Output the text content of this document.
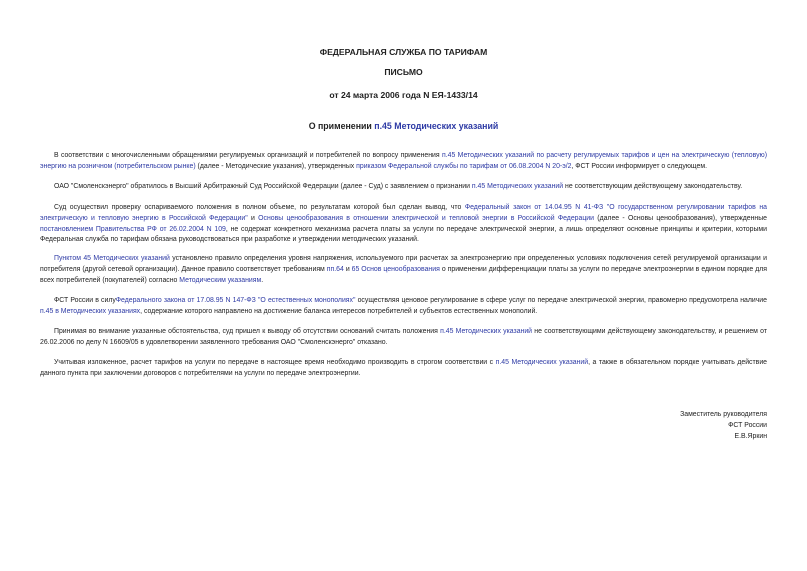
ФЕДЕРАЛЬНАЯ СЛУЖБА ПО ТАРИФАМ
ПИСЬМО
от 24 марта 2006 года N ЕЯ-1433/14
О применении п.45 Методических указаний

В соответствии с многочисленными обращениями регулируемых организаций и потребителей по вопросу применения п.45 Методических указаний по расчету регулируемых тарифов и цен на электрическую (тепловую) энергию на розничном (потребительском рынке) (далее - Методические указания), утвержденных приказом Федеральной службы по тарифам от 06.08.2004 N 20-э/2, ФСТ России информирует о следующем.

ОАО "Смоленскэнерго" обратилось в Высший Арбитражный Суд Российской Федерации (далее - Суд) с заявлением о признании п.45 Методических указаний не соответствующим действующему законодательству.

Суд осуществил проверку оспариваемого положения в полном объеме, по результатам которой был сделан вывод, что Федеральный закон от 14.04.95 N 41-ФЗ "О государственном регулировании тарифов на электрическую и тепловую энергию в Российской Федерации" и Основы ценообразования в отношении электрической и тепловой энергии в Российской Федерации (далее - Основы ценообразования), утвержденные постановлением Правительства РФ от 26.02.2004 N 109, не содержат конкретного механизма расчета платы за услуги по передаче электрической энергии, а лишь определяют основные принципы и критерии, которыми Федеральная служба по тарифам обязана руководствоваться при разработке и утверждении методических указаний.

Пунктом 45 Методических указаний установлено правило определения уровня напряжения, используемого при расчетах за электроэнергию при определенных условиях подключения сетей регулируемой организации и потребителя (другой сетевой организации). Данное правило соответствует требованиям пп.64 и 65 Основ ценообразования о применении дифференциации платы за услуги по передаче электроэнергии в едином порядке для всех потребителей (покупателей) согласно Методическим указаниям.

ФСТ России в силуФедерального закона от 17.08.95 N 147-ФЗ "О естественных монополиях" осуществляя ценовое регулирование в сфере услуг по передаче электрической энергии, правомерно предусмотрела наличие п.45 в Методических указаниях, содержание которого направлено на достижение баланса интересов потребителей и субъектов естественных монополий.

Принимая во внимание указанные обстоятельства, суд пришел к выводу об отсутствии оснований считать положения п.45 Методических указаний не соответствующими действующему законодательству, и решением от 26.02.2006 по делу N 16609/05 в удовлетворении заявленного требования ОАО "Смоленскэнерго" отказано.

Учитывая изложенное, расчет тарифов на услуги по передаче в настоящее время необходимо производить в строгом соответствии с п.45 Методических указаний, а также в обязательном порядке учитывать действие данного пункта при заключении договоров с потребителями на услуги по передаче электроэнергии.

Заместитель руководителя
ФСТ России
Е.В.Яркин
